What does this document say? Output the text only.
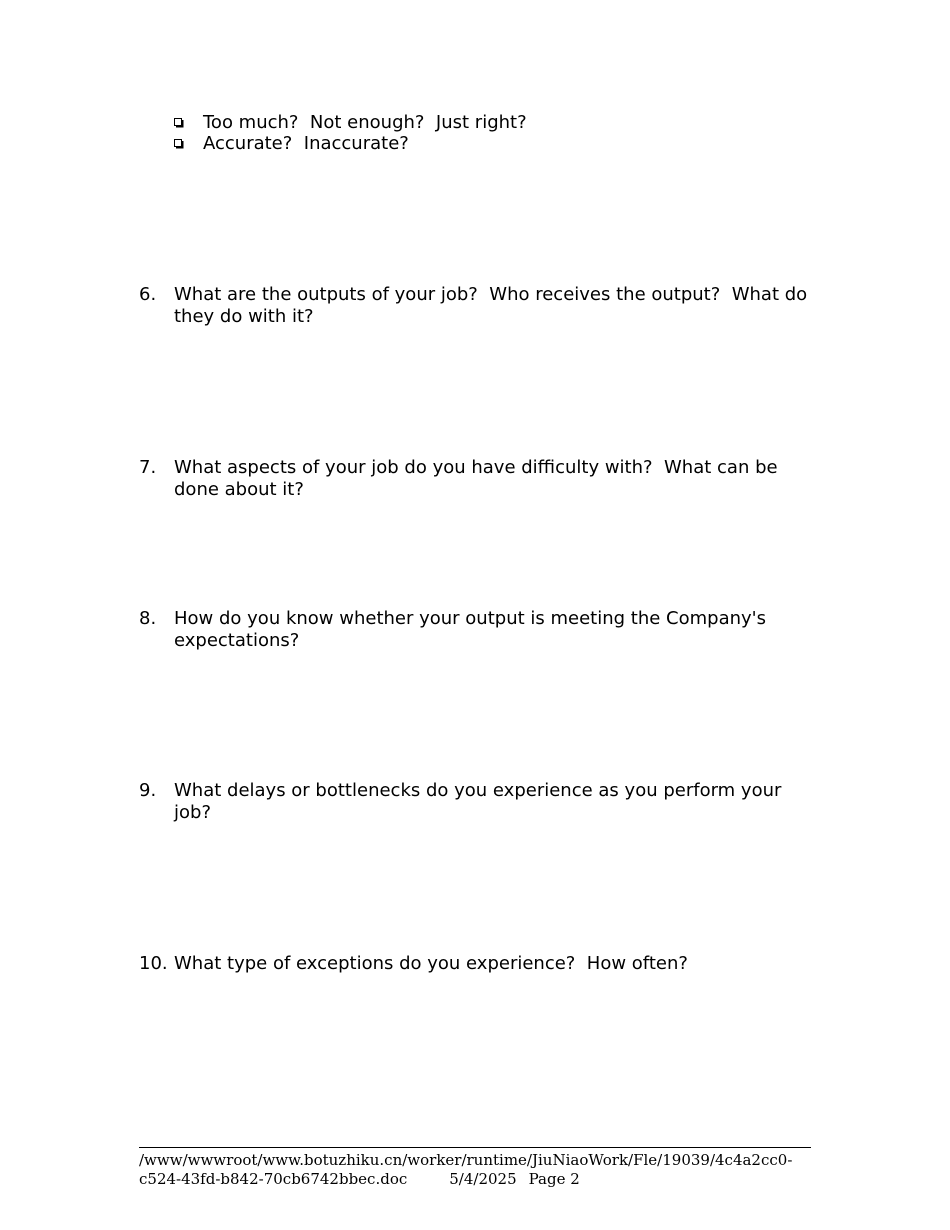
Too much?  Not enough?  Just right?

Accurate?  Inaccurate?
6. What are the outputs of your job?  Who receives the output?  What do they do with it?
7. What aspects of your job do you have difficulty with?  What can be done about it?
8. How do you know whether your output is meeting the Company's expectations?
9. What delays or bottlenecks do you experience as you perform your job?
10. What type of exceptions do you experience?  How often?
/www/wwwroot/www.botuzhiku.cn/worker/runtime/JiuNiaoWork/Fle/19039/4c4a2cc0-
c524-43fd-b842-70cb6742bbec.doc	5/4/2025 Page 2
